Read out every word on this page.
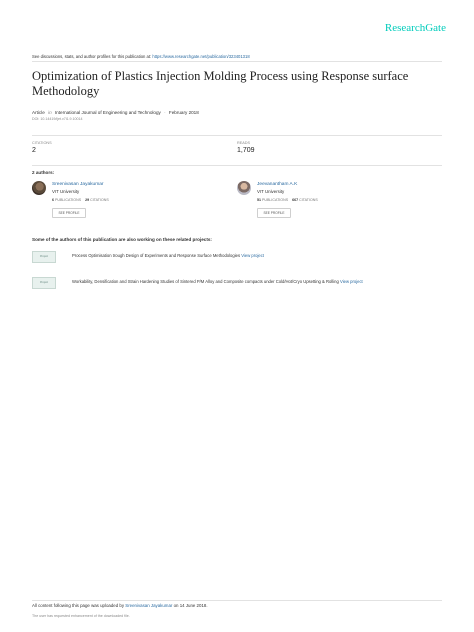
ResearchGate
See discussions, stats, and author profiles for this publication at: https://www.researchgate.net/publication/323401318
Optimization of Plastics Injection Molding Process using Response surface Methodology
Article in International Journal of Engineering and Technology · February 2018
DOI: 10.14419/ijet.v7i1.9.10014
CITATIONS
2
READS
1,709
2 authors:
Sreenivasan Jayakumar
VIT University
6 PUBLICATIONS 29 CITATIONS
SEE PROFILE
Jeevanantham A.K
VIT University
51 PUBLICATIONS 667 CITATIONS
SEE PROFILE
Some of the authors of this publication are also working on these related projects:
Project	Process Optimisation trough Design of Experiments and Response Surface Methodologies View project
Project	Workability, Densification and Strain Hardening Studies of Sintered P/M Alloy and Composite compacts under Cold/Hot/Cryo Upsetting & Rolling View project
All content following this page was uploaded by Sreenivasan Jayakumar on 14 June 2018.
The user has requested enhancement of the downloaded file.
